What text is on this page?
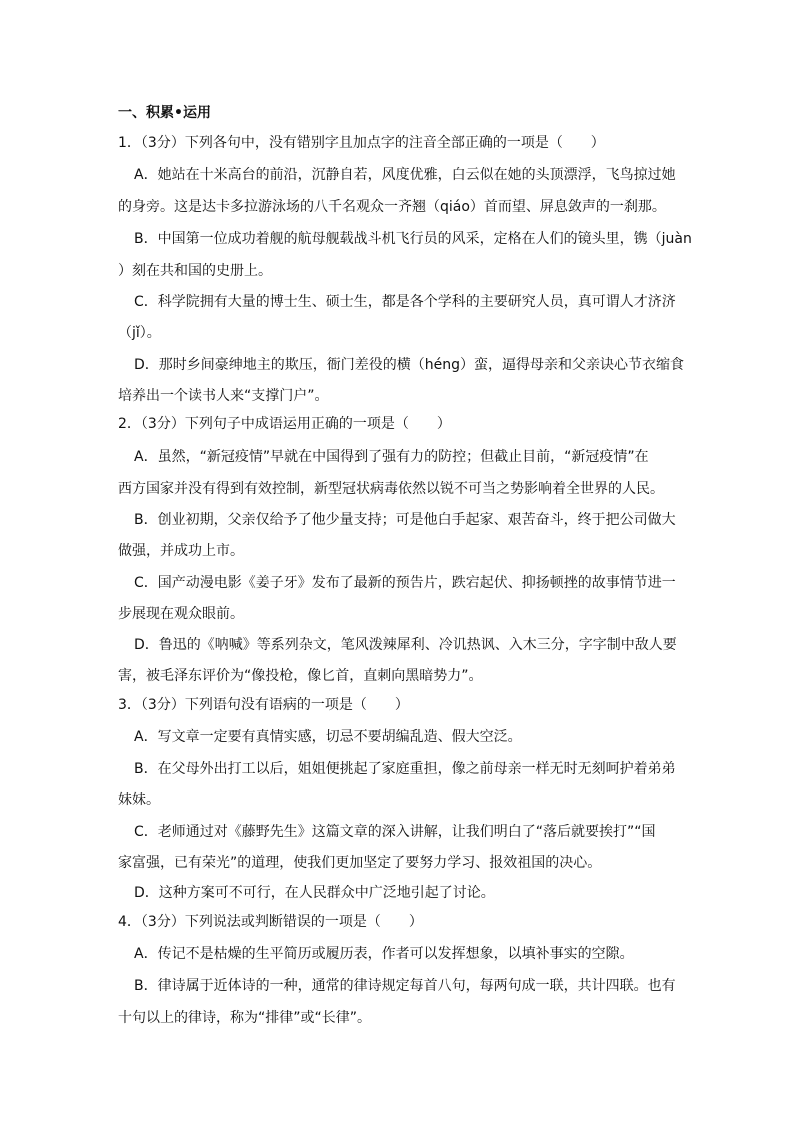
一、积累•运用
1．（3分）下列各句中，没有错别字且加点字的注音全部正确的一项是（　　）
A．她站在十米高台的前沿，沉静自若，风度优雅，白云似在她的头顶漂浮，飞鸟掠过她
的身旁。这是达卡多拉游泳场的八千名观众一齐翘（qiáo）首而望、屏息敛声的一刹那。
B．中国第一位成功着舰的航母舰载战斗机飞行员的风采，定格在人们的镜头里，镌（juàn
）刻在共和国的史册上。
C．科学院拥有大量的博士生、硕士生，都是各个学科的主要研究人员，真可谓人才济济
（jǐ）。
D．那时乡间豪绅地主的欺压，衙门差役的横（héng）蛮，逼得母亲和父亲诀心节衣缩食
培养出一个读书人来“支撑门户”。
2．（3分）下列句子中成语运用正确的一项是（　　）
A．虽然，“新冠疫情”早就在中国得到了强有力的防控；但截止目前，“新冠疫情”在
西方国家并没有得到有效控制，新型冠状病毒依然以锐不可当之势影响着全世界的人民。
B．创业初期，父亲仅给予了他少量支持；可是他白手起家、艰苦奋斗，终于把公司做大
做强，并成功上市。
C．国产动漫电影《姜子牙》发布了最新的预告片，跌宕起伏、抑扬顿挫的故事情节进一
步展现在观众眼前。
D．鲁迅的《呐喊》等系列杂文，笔风泼辣犀利、冷讥热讽、入木三分，字字制中敌人要
害，被毛泽东评价为“像投枪，像匕首，直刺向黑暗势力”。
3．（3分）下列语句没有语病的一项是（　　）
A．写文章一定要有真情实感，切忌不要胡编乱造、假大空泛。
B．在父母外出打工以后，姐姐便挑起了家庭重担，像之前母亲一样无时无刻呵护着弟弟
妹妹。
C．老师通过对《藤野先生》这篇文章的深入讲解，让我们明白了“落后就要挨打”“国
家富强，已有荣光”的道理，使我们更加坚定了要努力学习、报效祖国的决心。
D．这种方案可不可行，在人民群众中广泛地引起了讨论。
4．（3分）下列说法或判断错误的一项是（　　）
A．传记不是枯燥的生平简历或履历表，作者可以发挥想象，以填补事实的空隙。
B．律诗属于近体诗的一种，通常的律诗规定每首八句，每两句成一联，共计四联。也有
十句以上的律诗，称为“排律”或“长律”。
